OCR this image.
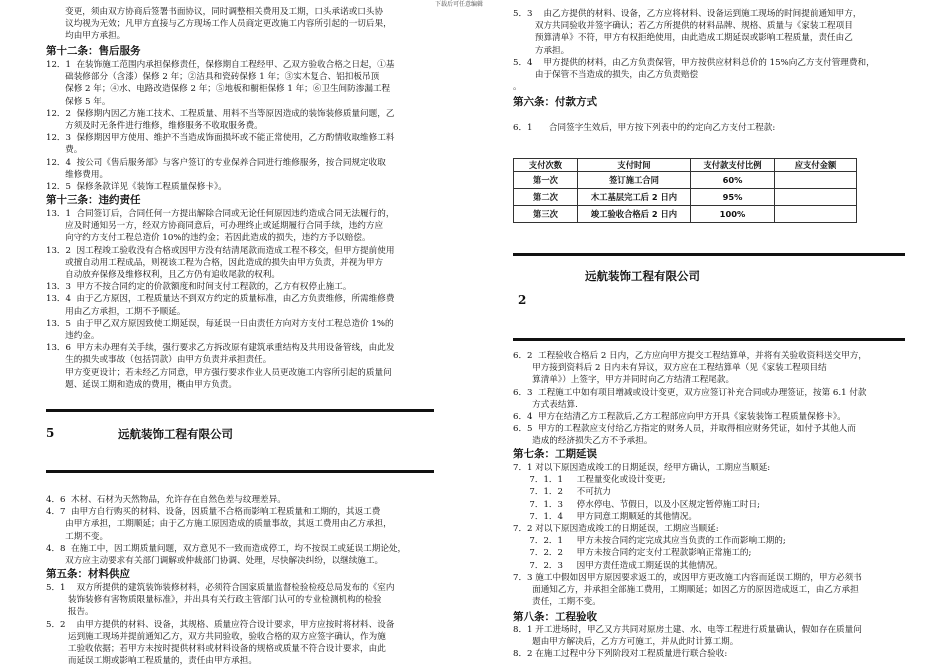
下载后可任意编辑
变更，须由双方协商后签署书面协议，同时调整相关费用及工期，口头承诺或口头协
议均视为无效；凡甲方直接与乙方现场工作人员商定更改施工内容所引起的一切后果，
均由甲方承担。
第十二条：售后服务
12．1  在装饰施工范围内承担保修责任，保修期自工程经甲、乙双方验收合格之日起，①基
础装修部分（含漆）保修 2 年；②洁具和瓷砖保修 1 年；③实木复合、铝扣板吊顶
保修 2 年；④水、电路改造保修 2 年；⑤地板和橱柜保修 1 年；⑥卫生间防渗漏工程
保修 5 年。
12．2  保修期内因乙方施工技术、工程质量、用料不当等原因造成的装饰装修质量问题，乙
方须及时无条件进行维修，维修服务不收取服务费。
12．3  保修期因甲方使用、维护不当造成饰面损坏或不能正常使用，乙方酌情收取维修工料
费。
12．4  按公司《售后服务部》与客户签订的专业保养合同进行维修服务，按合同规定收取
维修费用。
12．5  保修条款详见《装饰工程质量保修卡》。
第十三条：违约责任
13．1  合同签订后，合同任何一方提出解除合同或无论任何原因违约造成合同无法履行的，
应及时通知另一方，经双方协商同意后，可办理终止或延期履行合同手续，违约方应
向守约方支付工程总造价 10%的违约金；若因此造成的损失，违约方予以赔偿。
13．2  因工程竣工验收没有合格或因甲方没有结清尾款而造成工程不移交，但甲方提前使用
或擅自动用工程成品，则视该工程为合格，因此造成的损失由甲方负责，并视为甲方
自动放弃保修及维修权利，且乙方仍有追收尾款的权利。
13．3  甲方不按合同约定的价款额度和时间支付工程款的，乙方有权停止施工。
13．4  由于乙方原因，工程质量达不到双方约定的质量标准，由乙方负责维修，所需维修费
用由乙方承担，工期不予顺延。
13．5  由于甲乙双方原因致使工期延误，每延误一日由责任方向对方支付工程总造价 1%的
违约金。
13．6  甲方未办理有关手续，强行要求乙方拆改原有建筑承重结构及共用设备管线，由此发
生的损失或事故（包括罚款）由甲方负责并承担责任。
甲方变更设计；若未经乙方同意，甲方强行要求作业人员更改施工内容所引起的质量问
题、延误工期和造成的费用，概由甲方负责。
4．6  木材、石材为天然物品，允许存在自然色差与纹理差异。
4．7  由甲方自行购买的材料、设备，因质量不合格而影响工程质量和工期的，其返工费
由甲方承担，工期顺延；由于乙方施工原因造成的质量事故，其返工费用由乙方承担，
工期不变。
4．8  在施工中，因工期质量问题，双方意见不一致而造成停工，均不按误工或延误工期论处，
双方应主动要求有关部门调解或仲裁部门协调、处理，尽快解决纠纷，以继续施工。
第五条：材料供应
5．1    双方所提供的建筑装饰装修材料，必须符合国家质量监督检验检疫总局发布的《室内
装饰装修有害物质限量标准》，并出具有关行政主管部门认可的专业检测机构的检验
报告。
5．2    由甲方提供的材料、设备，其规格、质量应符合设计要求，甲方应按时将材料、设备
运到施工现场并提前通知乙方，双方共同验收，验收合格的双方应签字确认，作为施
工验收依据；若甲方未按时提供材料或材料设备的规格或质量不符合设计要求，由此
而延误工期或影响工程质量的，责任由甲方承担。
5	远航装饰工程有限公司
5．3    由乙方提供的材料、设备，乙方应将材料、设备运到施工现场的时间提前通知甲方，
双方共同验收并签字确认；若乙方所提供的材料品牌、规格、质量与《家装工程项目
预算清单》不符，甲方有权拒绝使用，由此造成工期延误或影响工程质量，责任由乙
方承担。
5．4    甲方提供的材料，由乙方负责保管，甲方按供应材料总价的 15%向乙方支付管理费和，
由于保管不当造成的损失，由乙方负责赔偿
。
第六条：付款方式
6．1      合同签字生效后，甲方按下列表中的约定向乙方支付工程款:
6．2  工程验收合格后 2 日内，乙方应向甲方提交工程结算单，并将有关验收资料送交甲方，
甲方接到资料后 2 日内未有异议，双方应在工程结算单（见《家装工程项目结
算清单》）上签字，甲方并同时向乙方结清工程尾款。
6．3  工程施工中如有项目增减或设计变更，双方应签订补充合同或办理签证，按第 6.1 付款
方式表结算.
6．4  甲方在结清乙方工程款后,乙方工程部应向甲方开具《家装装饰工程质量保修卡》。
6．5  甲方的工程款应支付给乙方指定的财务人员，并取得相应财务凭证，如付予其他人而
造成的经济损失乙方不予承担。
第七条：工期延误
7．1 对以下原因造成竣工的日期延误，经甲方确认，工期应当顺延:
7．1．1     工程量变化或设计变更;
7．1．2     不可抗力
7．1．3     停水停电、节假日，以及小区规定暂停施工时日;
7．1．4     甲方同意工期顺延的其他情况。
7．2 对以下原因造成竣工的日期延误，工期应当顺延:
7．2．1     甲方未按合同约定完成其应当负责的工作而影响工期的;
7．2．2     甲方未按合同约定支付工程款影响正常施工的;
7．2．3     因甲方责任造成工期延误的其他情况。
7．3 施工中假如因甲方原因要求返工的，或因甲方更改施工内容而延误工期的，甲方必须书
面通知乙方，并承担全部施工费用，工期顺延；如因乙方的原因造成返工，由乙方承担
责任，工期不变。
第八条：工程验收
8．1 开工进场时，甲乙又方共同对原房土建、水、电等工程进行质量确认，假如存在质量问
题由甲方解决后，乙方方可施工，并从此时计算工期。
8．2 在施工过程中分下列阶段对工程质量进行联合验收:
支付次数	支付时间	支付款支付比例	应支付金额
第一次	签订施工合同	60%	
第二次	木工基层完工后 2 日内	95%	
第三次	竣工验收合格后 2 日内	100%	
远航装饰工程有限公司
2
